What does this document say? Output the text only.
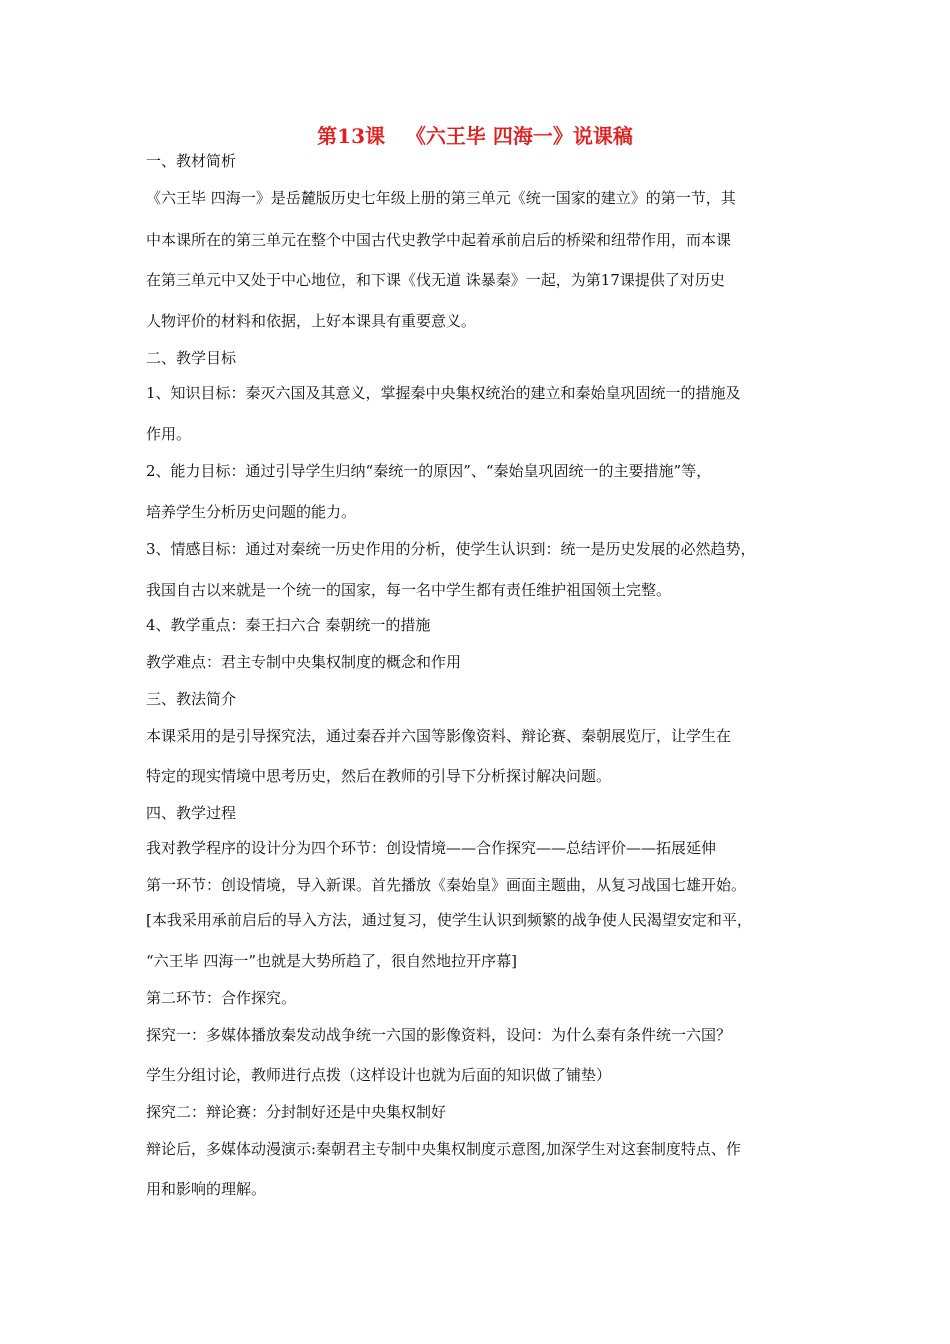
第13课   《六王毕 四海一》说课稿
一、教材简析
《六王毕 四海一》是岳麓版历史七年级上册的第三单元《统一国家的建立》的第一节，其
中本课所在的第三单元在整个中国古代史教学中起着承前启后的桥梁和纽带作用，而本课
在第三单元中又处于中心地位，和下课《伐无道 诛暴秦》一起，为第17课提供了对历史
人物评价的材料和依据，上好本课具有重要意义。
二、教学目标
1、知识目标：秦灭六国及其意义，掌握秦中央集权统治的建立和秦始皇巩固统一的措施及
作用。
2、能力目标：通过引导学生归纳“秦统一的原因”、“秦始皇巩固统一的主要措施”等，
培养学生分析历史问题的能力。
3、情感目标：通过对秦统一历史作用的分析，使学生认识到：统一是历史发展的必然趋势，
我国自古以来就是一个统一的国家，每一名中学生都有责任维护祖国领土完整。
4、教学重点：秦王扫六合 秦朝统一的措施
教学难点：君主专制中央集权制度的概念和作用
三、教法简介
本课采用的是引导探究法，通过秦吞并六国等影像资料、辩论赛、秦朝展览厅，让学生在
特定的现实情境中思考历史，然后在教师的引导下分析探讨解决问题。
四、教学过程
我对教学程序的设计分为四个环节：创设情境——合作探究——总结评价——拓展延伸
第一环节：创设情境，导入新课。首先播放《秦始皇》画面主题曲，从复习战国七雄开始。
[本我采用承前启后的导入方法，通过复习，使学生认识到频繁的战争使人民渴望安定和平，
“六王毕 四海一”也就是大势所趋了，很自然地拉开序幕]
第二环节：合作探究。
探究一：多媒体播放秦发动战争统一六国的影像资料，设问：为什么秦有条件统一六国？
学生分组讨论，教师进行点拨（这样设计也就为后面的知识做了铺垫）
探究二：辩论赛：分封制好还是中央集权制好
辩论后，多媒体动漫演示:秦朝君主专制中央集权制度示意图,加深学生对这套制度特点、作
用和影响的理解。
